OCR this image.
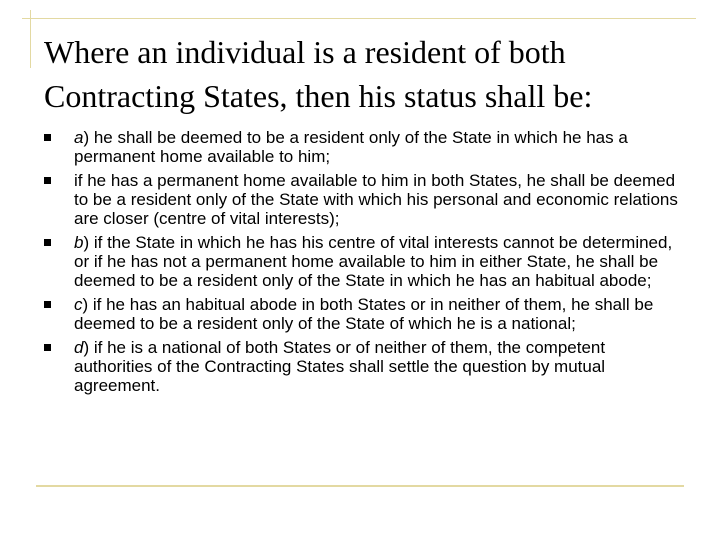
Where an individual is a resident of both Contracting States, then his status shall be:
a) he shall be deemed to be a resident only of the State in which he has a permanent home available to him;
if he has a permanent home available to him in both States, he shall be deemed to be a resident only of the State with which his personal and economic relations are closer (centre of vital interests);
b) if the State in which he has his centre of vital interests cannot be determined, or if he has not a permanent home available to him in either State, he shall be deemed to be a resident only of the State in which he has an habitual abode;
c) if he has an habitual abode in both States or in neither of them, he shall be deemed to be a resident only of the State of which he is a national;
d) if he is a national of both States or of neither of them, the competent authorities of the Contracting States shall settle the question by mutual agreement.
